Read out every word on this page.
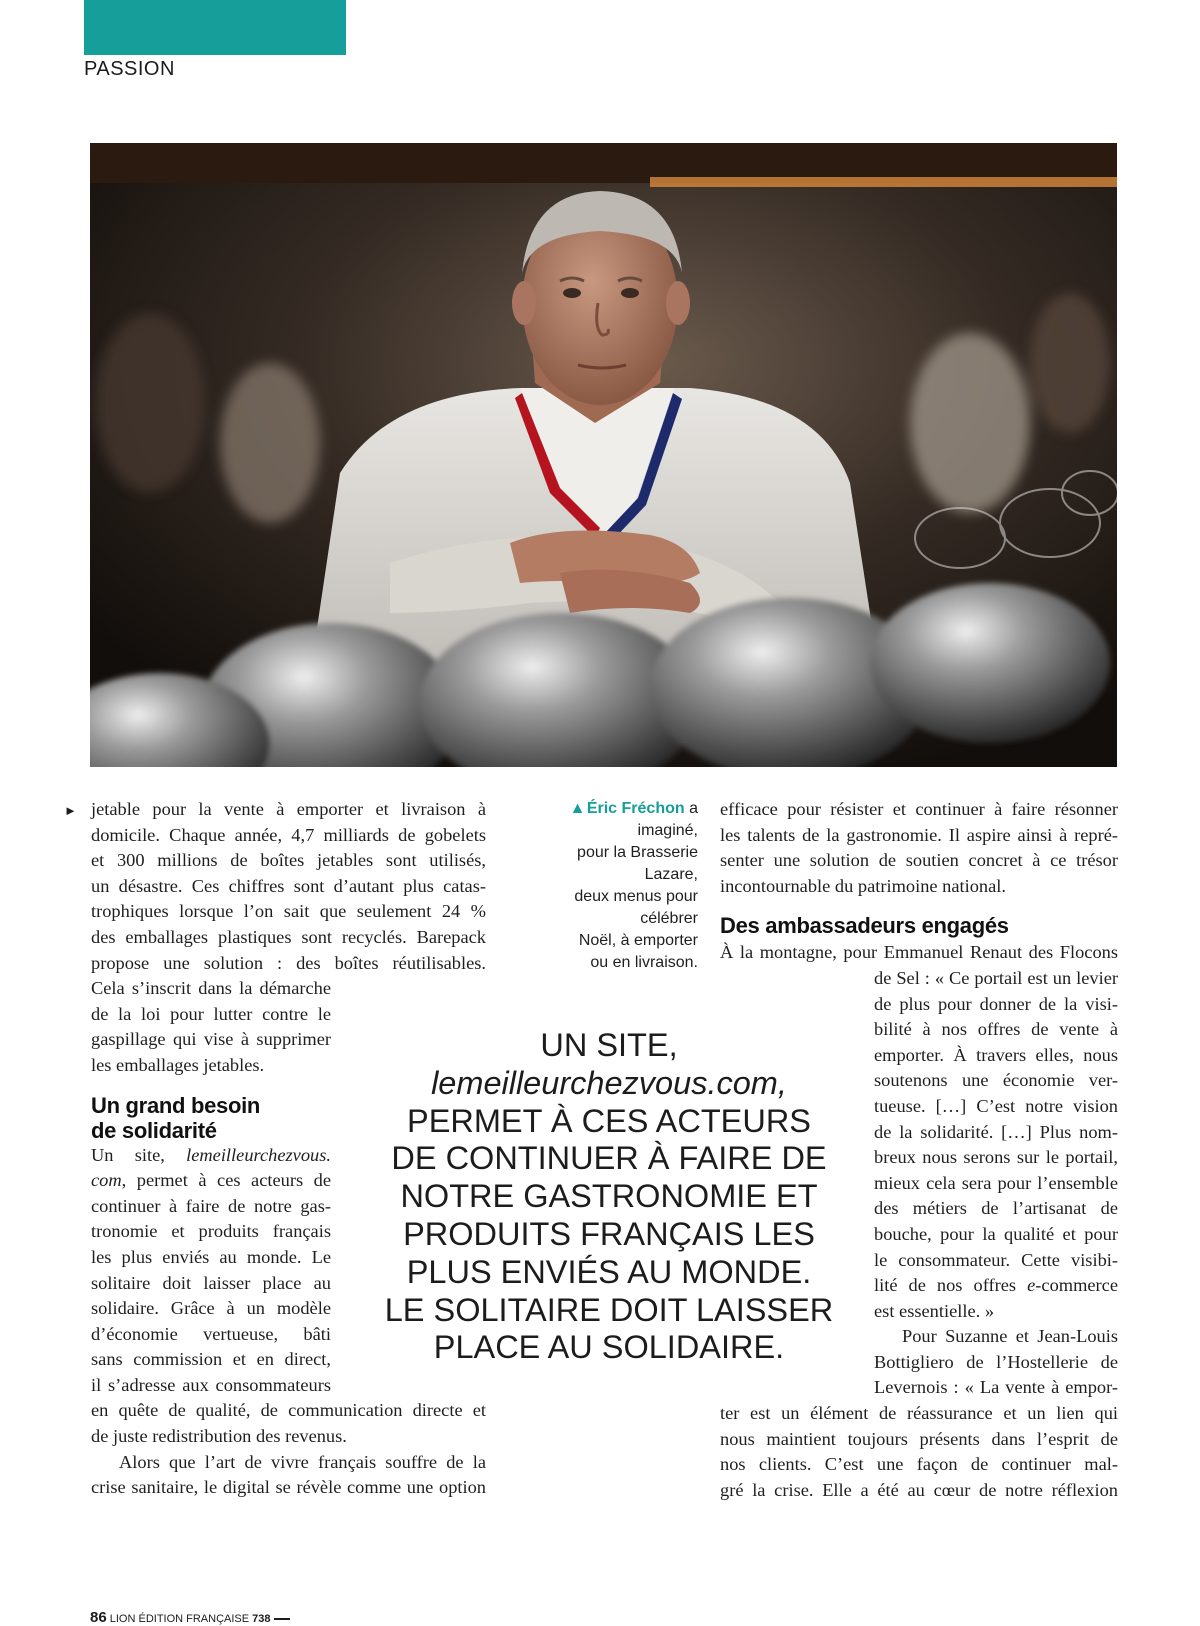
PASSION
► jetable pour la vente à emporter et livraison à

domicile. Chaque année, 4,7 milliards de gobelets

et 300 millions de boîtes jetables sont utilisés,

un désastre. Ces chiffres sont d’autant plus catas-

trophiques lorsque l’on sait que seulement 24 %

des emballages plastiques sont recyclés. Barepack

propose une solution : des boîtes réutilisables.

Cela s’inscrit dans la démarche

de la loi pour lutter contre le

gaspillage qui vise à supprimer

les emballages jetables.

Un grand besoin
de solidarité

Un site, lemeilleurchezvous.

com, permet à ces acteurs de

continuer à faire de notre gas-

tronomie et produits français

les plus enviés au monde. Le

solitaire doit laisser place au

solidaire. Grâce à un modèle

d’économie vertueuse, bâti

sans commission et en direct,

il s’adresse aux consommateurs

en quête de qualité, de communication directe et

de juste redistribution des revenus.

Alors que l’art de vivre français souffre de la

crise sanitaire, le digital se révèle comme une option

▲ Éric Fréchon a imaginé,
pour la Brasserie Lazare,
deux menus pour célébrer
Noël, à emporter
ou en livraison.
UN SITE,
lemeilleurchezvous.com,
PERMET À CES ACTEURS
DE CONTINUER À FAIRE DE
NOTRE GASTRONOMIE ET
PRODUITS FRANÇAIS LES
PLUS ENVIÉS AU MONDE.
LE SOLITAIRE DOIT LAISSER
PLACE AU SOLIDAIRE.

efficace pour résister et continuer à faire résonner

les talents de la gastronomie. Il aspire ainsi à repré-

senter une solution de soutien concret à ce trésor

incontournable du patrimoine national.

Des ambassadeurs engagés

À la montagne, pour Emmanuel Renaut des Flocons

de Sel : « Ce portail est un levier

de plus pour donner de la visi-

bilité à nos offres de vente à

emporter. À travers elles, nous

soutenons une économie ver-

tueuse. […] C’est notre vision

de la solidarité. […] Plus nom-

breux nous serons sur le portail,

mieux cela sera pour l’ensemble

des métiers de l’artisanat de

bouche, pour la qualité et pour

le consommateur. Cette visibi-

lité de nos offres e-commerce

est essentielle. »

Pour Suzanne et Jean-Louis

Bottigliero de l’Hostellerie de

Levernois : « La vente à empor-

ter est un élément de réassurance et un lien qui

nous maintient toujours présents dans l’esprit de

nos clients. C’est une façon de continuer mal-

gré la crise. Elle a été au cœur de notre réflexion

86 LION ÉDITION FRANÇAISE 738
